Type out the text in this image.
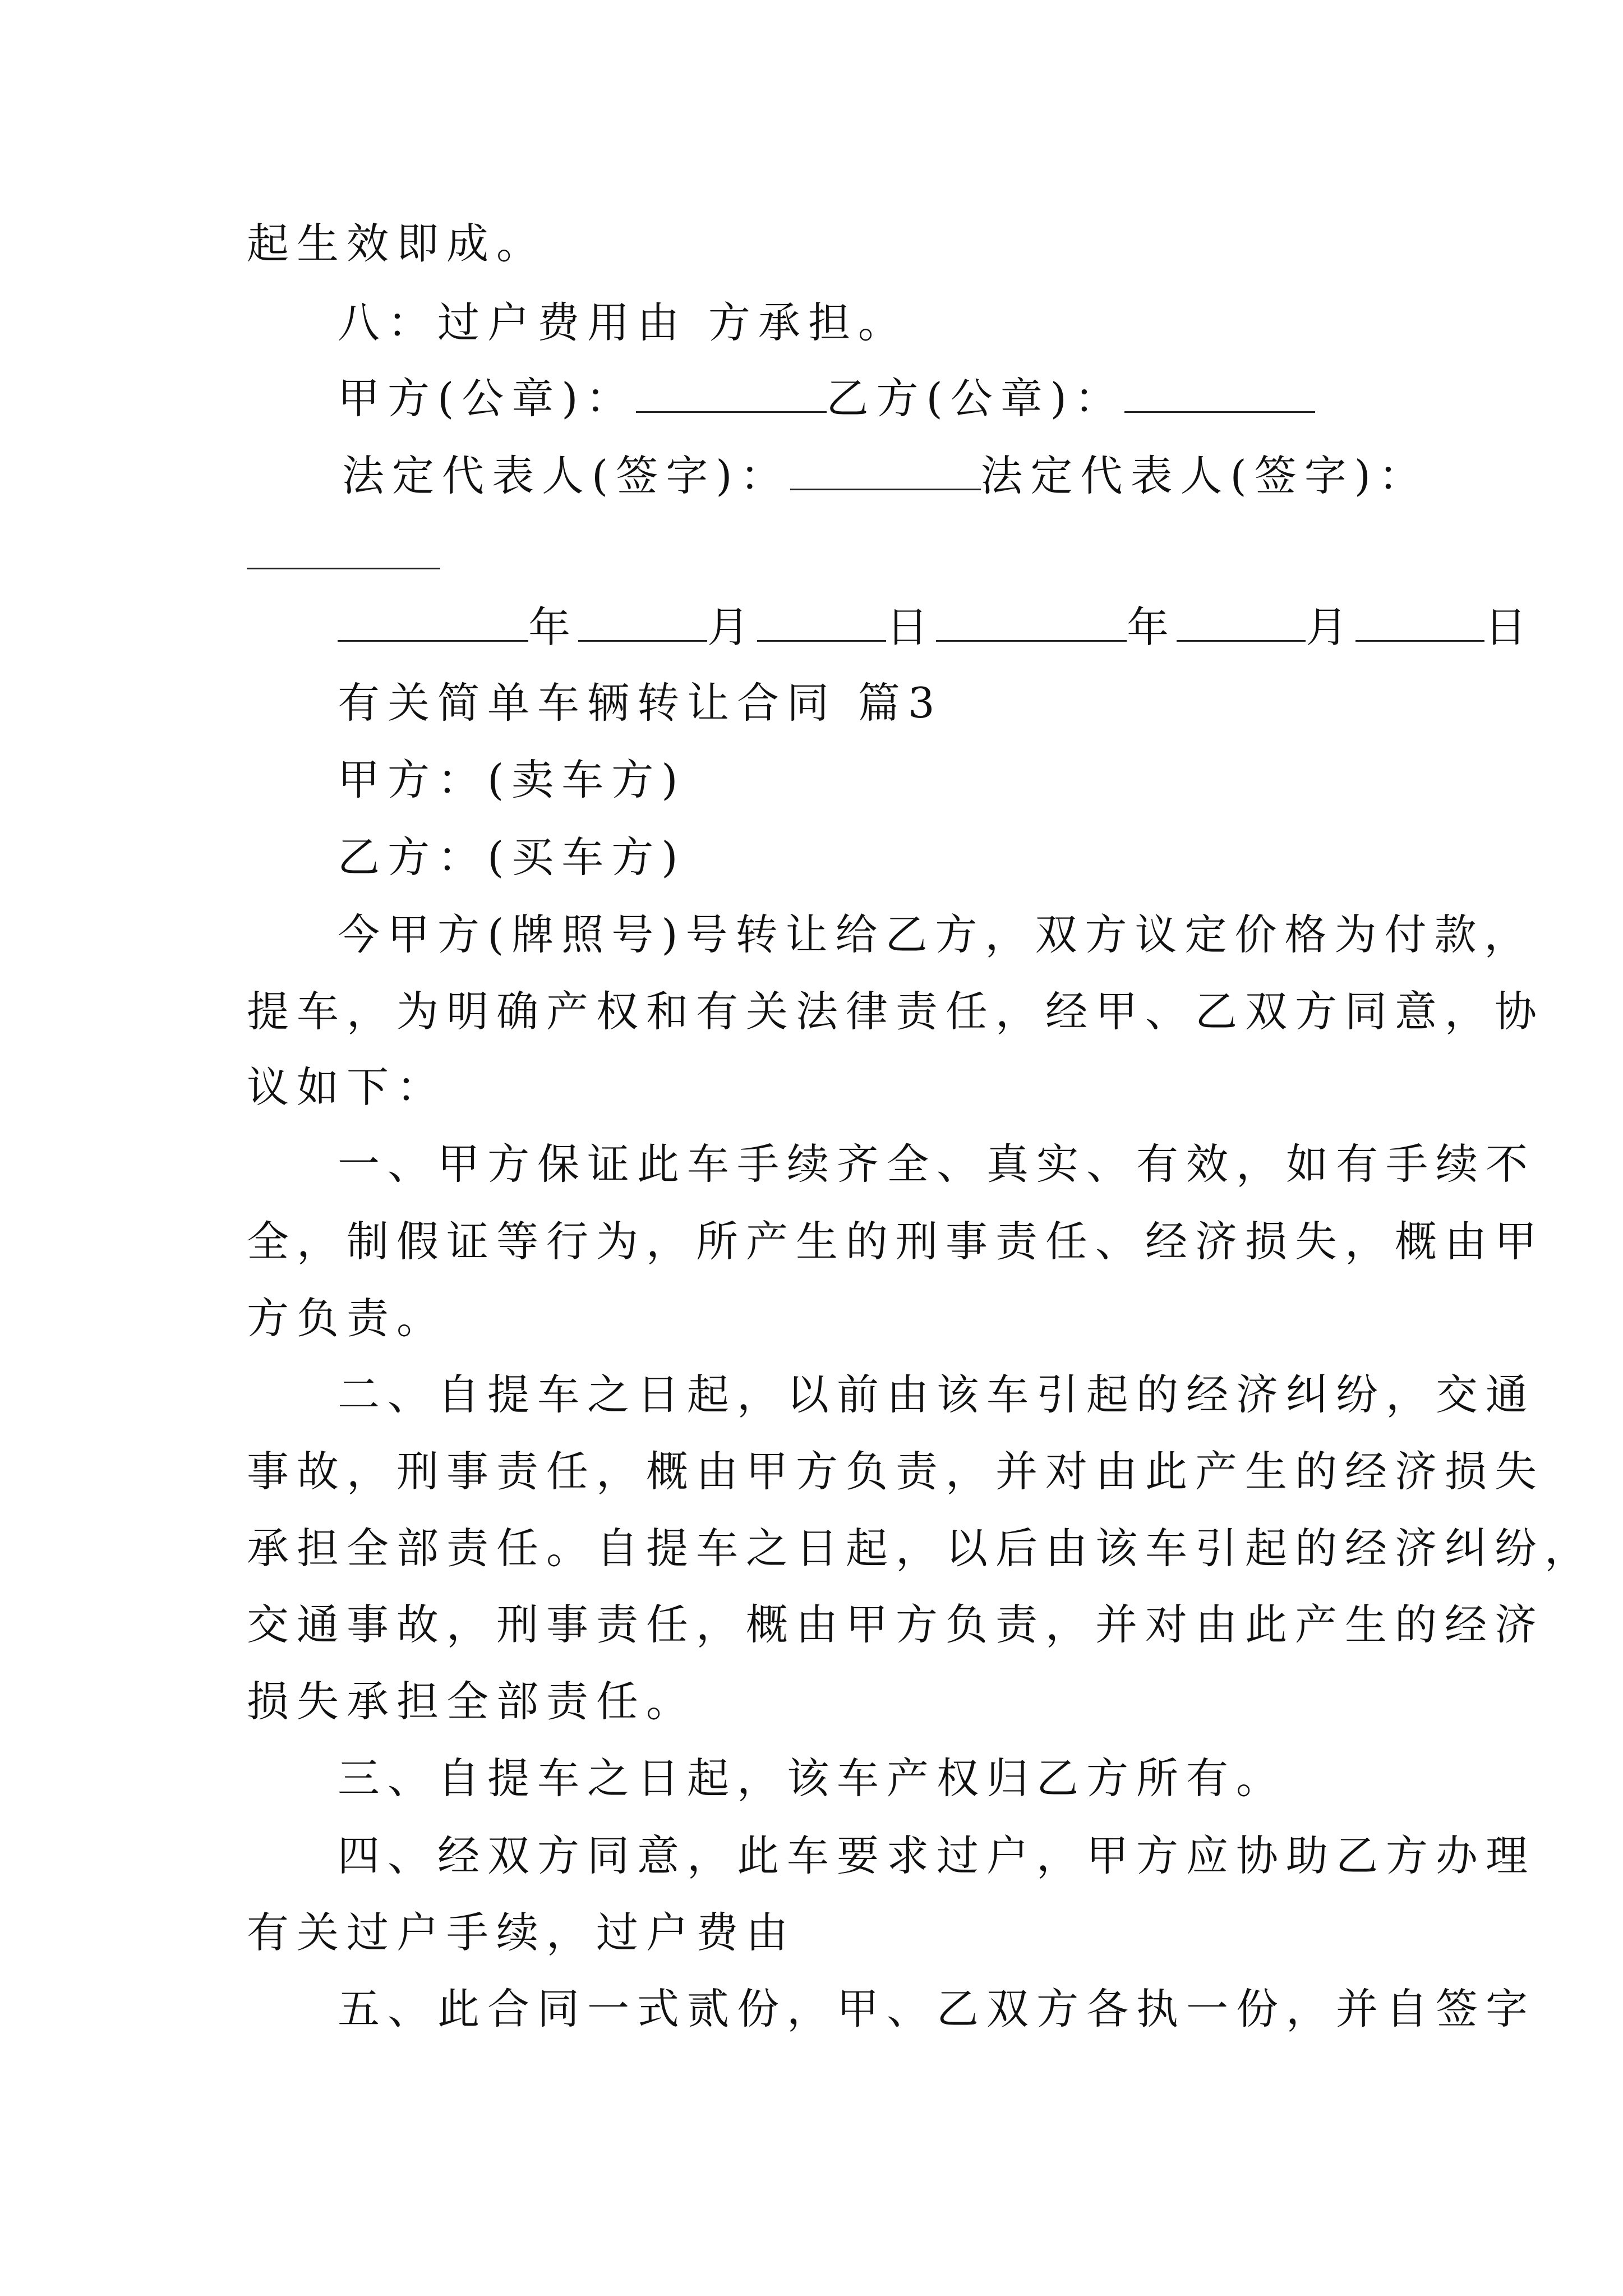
起生效即成。
八：过户费用由 方承担。
甲方(公章)：	乙方(公章)：
法定代表人(签字)：	法定代表人(签字)：
年	月	日	年	月	日
有关简单车辆转让合同 篇3
甲方：(卖车方)
乙方：(买车方)
今甲方(牌照号)号转让给乙方，双方议定价格为付款，
提车，为明确产权和有关法律责任，经甲、乙双方同意，协
议如下：
一、甲方保证此车手续齐全、真实、有效，如有手续不
全，制假证等行为，所产生的刑事责任、经济损失，概由甲
方负责。
二、自提车之日起，以前由该车引起的经济纠纷，交通
事故，刑事责任，概由甲方负责，并对由此产生的经济损失
承担全部责任。自提车之日起，以后由该车引起的经济纠纷，
交通事故，刑事责任，概由甲方负责，并对由此产生的经济
损失承担全部责任。
三、自提车之日起，该车产权归乙方所有。
四、经双方同意，此车要求过户，甲方应协助乙方办理
有关过户手续，过户费由
五、此合同一式贰份，甲、乙双方各执一份，并自签字
